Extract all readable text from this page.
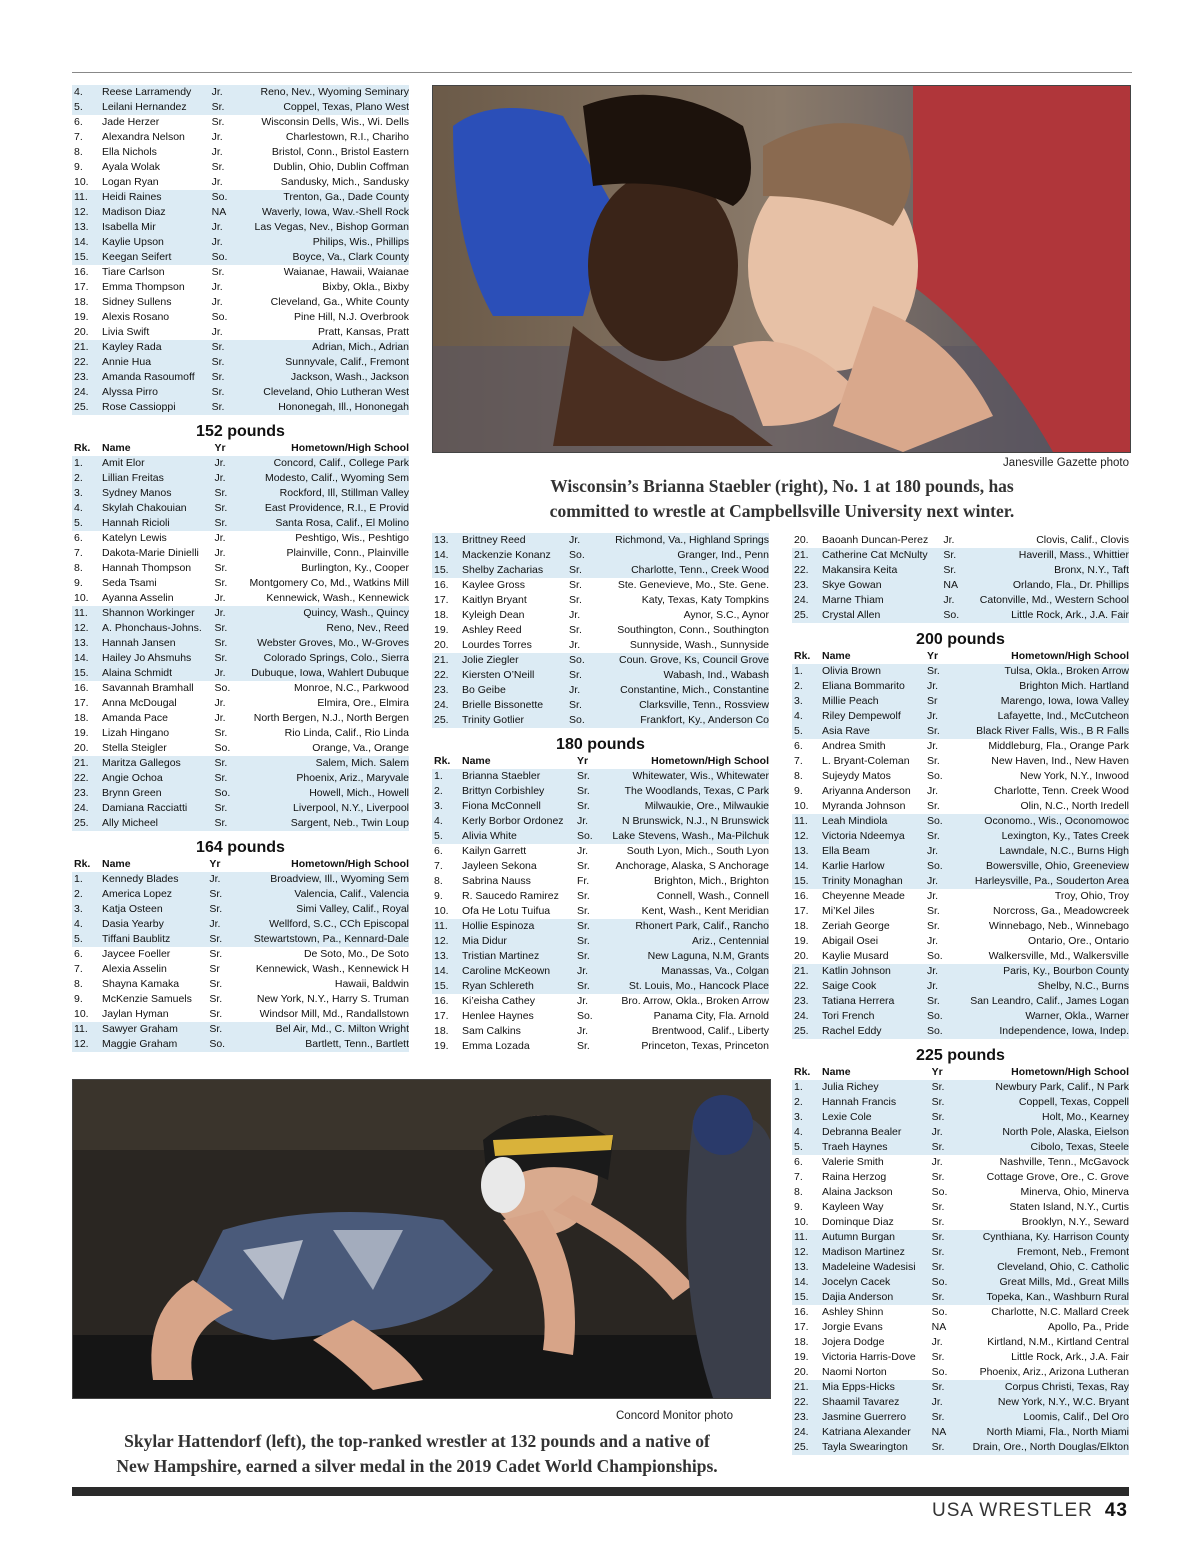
4.	Reese Larramendy	Jr.	Reno, Nev., Wyoming Seminary
5.	Leilani Hernandez	Sr.	Coppel, Texas, Plano West
6.	Jade Herzer	Sr.	Wisconsin Dells, Wis., Wi. Dells
7.	Alexandra Nelson	Jr.	Charlestown, R.I., Chariho
8.	Ella Nichols	Jr.	Bristol, Conn., Bristol Eastern
9.	Ayala Wolak	Sr.	Dublin, Ohio, Dublin Coffman
10.	Logan Ryan	Jr.	Sandusky, Mich., Sandusky
11.	Heidi Raines	So.	Trenton, Ga., Dade County
12.	Madison Diaz	NA	Waverly, Iowa, Wav.-Shell Rock
13.	Isabella Mir	Jr.	Las Vegas, Nev., Bishop Gorman
14.	Kaylie Upson	Jr.	Philips, Wis., Phillips
15.	Keegan Seifert	So.	Boyce, Va., Clark County
16.	Tiare Carlson	Sr.	Waianae, Hawaii, Waianae
17.	Emma Thompson	Jr.	Bixby, Okla., Bixby
18.	Sidney Sullens	Jr.	Cleveland, Ga., White County
19.	Alexis Rosano	So.	Pine Hill, N.J. Overbrook
20.	Livia Swift	Jr.	Pratt, Kansas, Pratt
21.	Kayley Rada	Sr.	Adrian, Mich., Adrian
22.	Annie Hua	Sr.	Sunnyvale, Calif., Fremont
23.	Amanda Rasoumoff	Sr.	Jackson, Wash., Jackson
24.	Alyssa Pirro	Sr.	Cleveland, Ohio Lutheran West
25.	Rose Cassioppi	Sr.	Hononegah, Ill., Hononegah
152 pounds
Rk.	Name	Yr	Hometown/High School
1.	Amit Elor	Jr.	Concord, Calif., College Park
2.	Lillian Freitas	Jr.	Modesto, Calif., Wyoming Sem
3.	Sydney Manos	Sr.	Rockford, Ill, Stillman Valley
4.	Skylah Chakouian	Sr.	East Providence, R.I., E Provid
5.	Hannah Ricioli	Sr.	Santa Rosa, Calif., El Molino
6.	Katelyn Lewis	Jr.	Peshtigo, Wis., Peshtigo
7.	Dakota-Marie Dinielli	Jr.	Plainville, Conn., Plainville
8.	Hannah Thompson	Sr.	Burlington, Ky., Cooper
9.	Seda Tsami	Sr.	Montgomery Co, Md., Watkins Mill
10.	Ayanna Asselin	Jr.	Kennewick, Wash., Kennewick
11.	Shannon Workinger	Jr.	Quincy, Wash., Quincy
12.	A. Phonchaus-Johns.	Sr.	Reno, Nev., Reed
13.	Hannah Jansen	Sr.	Webster Groves, Mo., W-Groves
14.	Hailey Jo Ahsmuhs	Sr.	Colorado Springs, Colo., Sierra
15.	Alaina Schmidt	Jr.	Dubuque, Iowa, Wahlert Dubuque
16.	Savannah Bramhall	So.	Monroe, N.C., Parkwood
17.	Anna McDougal	Jr.	Elmira, Ore., Elmira
18.	Amanda Pace	Jr.	North Bergen, N.J., North Bergen
19.	Lizah Hingano	Sr.	Rio Linda, Calif., Rio Linda
20.	Stella Steigler	So.	Orange, Va., Orange
21.	Maritza Gallegos	Sr.	Salem, Mich. Salem
22.	Angie Ochoa	Sr.	Phoenix, Ariz., Maryvale
23.	Brynn Green	So.	Howell, Mich., Howell
24.	Damiana Racciatti	Sr.	Liverpool, N.Y., Liverpool
25.	Ally Micheel	Sr.	Sargent, Neb., Twin Loup
164 pounds
Rk.	Name	Yr	Hometown/High School
1.	Kennedy Blades	Jr.	Broadview, Ill., Wyoming Sem
2.	America Lopez	Sr.	Valencia, Calif., Valencia
3.	Katja Osteen	Sr.	Simi Valley, Calif., Royal
4.	Dasia Yearby	Jr.	Wellford, S.C., CCh Episcopal
5.	Tiffani Baublitz	Sr.	Stewartstown, Pa., Kennard-Dale
6.	Jaycee Foeller	Sr.	De Soto, Mo., De Soto
7.	Alexia Asselin	Sr	Kennewick, Wash., Kennewick H
8.	Shayna Kamaka	Sr.	Hawaii, Baldwin
9.	McKenzie Samuels	Sr.	New York, N.Y., Harry S. Truman
10.	Jaylan Hyman	Sr.	Windsor Mill, Md., Randallstown
11.	Sawyer Graham	Sr.	Bel Air, Md., C. Milton Wright
12.	Maggie Graham	So.	Bartlett, Tenn., Bartlett
13.	Brittney Reed	Jr.	Richmond, Va., Highland Springs
14.	Mackenzie Konanz	So.	Granger, Ind., Penn
15.	Shelby Zacharias	Sr.	Charlotte, Tenn., Creek Wood
16.	Kaylee Gross	Sr.	Ste. Genevieve, Mo., Ste. Gene.
17.	Kaitlyn Bryant	Sr.	Katy, Texas, Katy Tompkins
18.	Kyleigh Dean	Jr.	Aynor, S.C., Aynor
19.	Ashley Reed	Sr.	Southington, Conn., Southington
20.	Lourdes Torres	Jr.	Sunnyside, Wash., Sunnyside
21.	Jolie Ziegler	So.	Coun. Grove, Ks, Council Grove
22.	Kiersten O’Neill	Sr.	Wabash, Ind., Wabash
23.	Bo Geibe	Jr.	Constantine, Mich., Constantine
24.	Brielle Bissonette	Sr.	Clarksville, Tenn., Rossview
25.	Trinity Gotlier	So.	Frankfort, Ky., Anderson Co
180 pounds
Rk.	Name	Yr	Hometown/High School
1.	Brianna Staebler	Sr.	Whitewater, Wis., Whitewater
2.	Brittyn Corbishley	Sr.	The Woodlands, Texas, C Park
3.	Fiona McConnell	Sr.	Milwaukie, Ore., Milwaukie
4.	Kerly Borbor Ordonez	Jr.	N Brunswick, N.J., N Brunswick
5.	Alivia White	So.	Lake Stevens, Wash., Ma-Pilchuk
6.	Kailyn Garrett	Jr.	South Lyon, Mich., South Lyon
7.	Jayleen Sekona	Sr.	Anchorage, Alaska, S Anchorage
8.	Sabrina Nauss	Fr.	Brighton, Mich., Brighton
9.	R. Saucedo Ramirez	Sr.	Connell, Wash., Connell
10.	Ofa He Lotu Tuifua	Sr.	Kent, Wash., Kent Meridian
11.	Hollie Espinoza	Sr.	Rhonert Park, Calif., Rancho
12.	Mia Didur	Sr.	Ariz., Centennial
13.	Tristian Martinez	Sr.	New Laguna, N.M, Grants
14.	Caroline McKeown	Jr.	Manassas, Va., Colgan
15.	Ryan Schlereth	Sr.	St. Louis, Mo., Hancock Place
16.	Ki’eisha Cathey	Jr.	Bro. Arrow, Okla., Broken Arrow
17.	Henlee Haynes	So.	Panama City, Fla. Arnold
18.	Sam Calkins	Jr.	Brentwood, Calif., Liberty
19.	Emma Lozada	Sr.	Princeton, Texas, Princeton
20.	Baoanh Duncan-Perez	Jr.	Clovis, Calif., Clovis
21.	Catherine Cat McNulty	Sr.	Haverill, Mass., Whittier
22.	Makansira Keita	Sr.	Bronx, N.Y., Taft
23.	Skye Gowan	NA	Orlando, Fla., Dr. Phillips
24.	Marne Thiam	Jr.	Catonville, Md., Western School
25.	Crystal Allen	So.	Little Rock, Ark., J.A. Fair
200 pounds
Rk.	Name	Yr	Hometown/High School
1.	Olivia Brown	Sr.	Tulsa, Okla., Broken Arrow
2.	Eliana Bommarito	Jr.	Brighton Mich. Hartland
3.	Millie Peach	Sr	Marengo, Iowa, Iowa Valley
4.	Riley Dempewolf	Jr.	Lafayette, Ind., McCutcheon
5.	Asia Rave	Sr.	Black River Falls, Wis., B R Falls
6.	Andrea Smith	Jr.	Middleburg, Fla., Orange Park
7.	L. Bryant-Coleman	Sr.	New Haven, Ind., New Haven
8.	Sujeydy Matos	So.	New York, N.Y., Inwood
9.	Ariyanna Anderson	Jr.	Charlotte, Tenn. Creek Wood
10.	Myranda Johnson	Sr.	Olin, N.C., North Iredell
11.	Leah Mindiola	So.	Oconomo., Wis., Oconomowoc
12.	Victoria Ndeemya	Sr.	Lexington, Ky., Tates Creek
13.	Ella Beam	Jr.	Lawndale, N.C., Burns High
14.	Karlie Harlow	So.	Bowersville, Ohio, Greeneview
15.	Trinity Monaghan	Jr.	Harleysville, Pa., Souderton Area
16.	Cheyenne Meade	Jr.	Troy, Ohio, Troy
17.	Mi’Kel Jiles	Sr.	Norcross, Ga., Meadowcreek
18.	Zeriah George	Sr.	Winnebago, Neb., Winnebago
19.	Abigail Osei	Jr.	Ontario, Ore., Ontario
20.	Kaylie Musard	So.	Walkersville, Md., Walkersville
21.	Katlin Johnson	Jr.	Paris, Ky., Bourbon County
22.	Saige Cook	Jr.	Shelby, N.C., Burns
23.	Tatiana Herrera	Sr.	San Leandro, Calif., James Logan
24.	Tori French	So.	Warner, Okla., Warner
25.	Rachel Eddy	So.	Independence, Iowa, Indep.
225 pounds
Rk.	Name	Yr	Hometown/High School
1.	Julia Richey	Sr.	Newbury Park, Calif., N Park
2.	Hannah Francis	Sr.	Coppell, Texas, Coppell
3.	Lexie Cole	Sr.	Holt, Mo., Kearney
4.	Debranna Bealer	Jr.	North Pole, Alaska, Eielson
5.	Traeh Haynes	Sr.	Cibolo, Texas, Steele
6.	Valerie Smith	Jr.	Nashville, Tenn., McGavock
7.	Raina Herzog	Sr.	Cottage Grove, Ore., C. Grove
8.	Alaina Jackson	So.	Minerva, Ohio, Minerva
9.	Kayleen Way	Sr.	Staten Island, N.Y., Curtis
10.	Dominque Diaz	Sr.	Brooklyn, N.Y., Seward
11.	Autumn Burgan	Sr.	Cynthiana, Ky. Harrison County
12.	Madison Martinez	Sr.	Fremont, Neb., Fremont
13.	Madeleine Wadesisi	Sr.	Cleveland, Ohio, C. Catholic
14.	Jocelyn Cacek	So.	Great Mills, Md., Great Mills
15.	Dajia Anderson	Sr.	Topeka, Kan., Washburn Rural
16.	Ashley Shinn	So.	Charlotte, N.C. Mallard Creek
17.	Jorgie Evans	NA	Apollo, Pa., Pride
18.	Jojera Dodge	Jr.	Kirtland, N.M., Kirtland Central
19.	Victoria Harris-Dove	Sr.	Little Rock, Ark., J.A. Fair
20.	Naomi Norton	So.	Phoenix, Ariz., Arizona Lutheran
21.	Mia Epps-Hicks	Sr.	Corpus Christi, Texas, Ray
22.	Shaamil Tavarez	Jr.	New York, N.Y., W.C. Bryant
23.	Jasmine Guerrero	Sr.	Loomis, Calif., Del Oro
24.	Katriana Alexander	NA	North Miami, Fla., North Miami
25.	Tayla Swearington	Sr.	Drain, Ore., North Douglas/Elkton
Janesville Gazette photo
Wisconsin’s Brianna Staebler (right), No. 1 at 180 pounds, has
committed to wrestle at Campbellsville University next winter.
Concord Monitor photo
Skylar Hattendorf (left), the top-ranked wrestler at 132 pounds and a native of
New Hampshire, earned a silver medal in the 2019 Cadet World Championships.
USA WRESTLER 43
